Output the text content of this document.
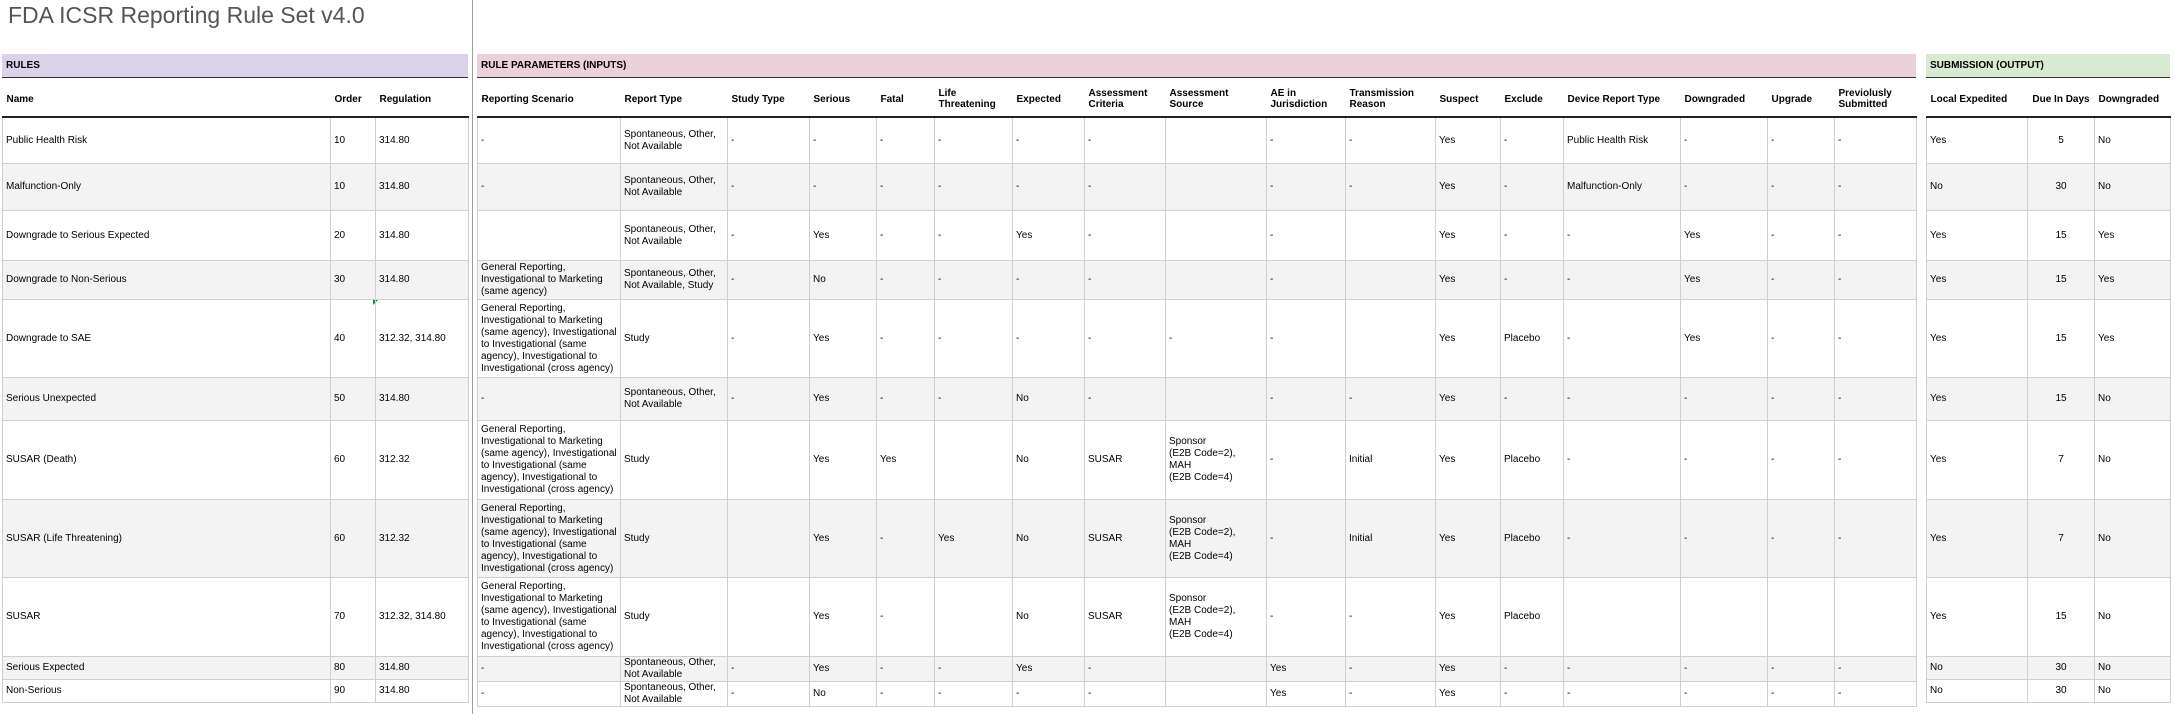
FDA ICSR Reporting Rule Set v4.0
RULES
Name	Order	Regulation
Public Health Risk	10	314.80
Malfunction-Only	10	314.80
Downgrade to Serious Expected	20	314.80
Downgrade to Non-Serious	30	314.80
Downgrade to SAE	40	312.32, 314.80
Serious Unexpected	50	314.80
SUSAR (Death)	60	312.32
SUSAR (Life Threatening)	60	312.32
SUSAR	70	312.32, 314.80
Serious Expected	80	314.80
Non-Serious	90	314.80
RULE PARAMETERS (INPUTS)
Reporting Scenario	Report Type	Study Type	Serious	Fatal	Life Threatening	Expected	Assessment Criteria	Assessment Source	AE in Jurisdiction	Transmission Reason	Suspect	Exclude	Device Report Type	Downgraded	Upgrade	Previolusly Submitted
-	Spontaneous, Other, Not Available	-	-	-	-	-	-		-	-	Yes	-	Public Health Risk	-	-	-
-	Spontaneous, Other, Not Available	-	-	-	-	-	-		-	-	Yes	-	Malfunction-Only	-	-	-
	Spontaneous, Other, Not Available	-	Yes	-	-	Yes	-		-		Yes	-	-	Yes	-	-
General Reporting, Investigational to Marketing (same agency)	Spontaneous, Other, Not Available, Study	-	No	-	-	-	-		-		Yes	-	-	Yes	-	-
General Reporting, Investigational to Marketing (same agency), Investigational to Investigational (same agency), Investigational to Investigational (cross agency)	Study	-	Yes	-	-	-	-	-	-		Yes	Placebo	-	Yes	-	-
-	Spontaneous, Other, Not Available	-	Yes	-	-	No	-		-	-	Yes	-	-	-	-	-
General Reporting, Investigational to Marketing (same agency), Investigational to Investigational (same agency), Investigational to Investigational (cross agency)	Study		Yes	Yes		No	SUSAR	Sponsor
(E2B Code=2),
MAH
(E2B Code=4)	-	Initial	Yes	Placebo	-	-	-	-
General Reporting, Investigational to Marketing (same agency), Investigational to Investigational (same agency), Investigational to Investigational (cross agency)	Study		Yes	-	Yes	No	SUSAR	Sponsor
(E2B Code=2),
MAH
(E2B Code=4)	-	Initial	Yes	Placebo	-	-	-	-
General Reporting, Investigational to Marketing (same agency), Investigational to Investigational (same agency), Investigational to Investigational (cross agency)	Study		Yes	-		No	SUSAR	Sponsor
(E2B Code=2),
MAH
(E2B Code=4)	-	-	Yes	Placebo				
-	Spontaneous, Other, Not Available	-	Yes	-	-	Yes	-		Yes	-	Yes	-	-	-	-	-
-	Spontaneous, Other, Not Available	-	No	-	-	-	-		Yes	-	Yes	-	-	-	-	-
SUBMISSION (OUTPUT)
Local Expedited	Due In Days	Downgraded
Yes	5	No
No	30	No
Yes	15	Yes
Yes	15	Yes
Yes	15	Yes
Yes	15	No
Yes	7	No
Yes	7	No
Yes	15	No
No	30	No
No	30	No
